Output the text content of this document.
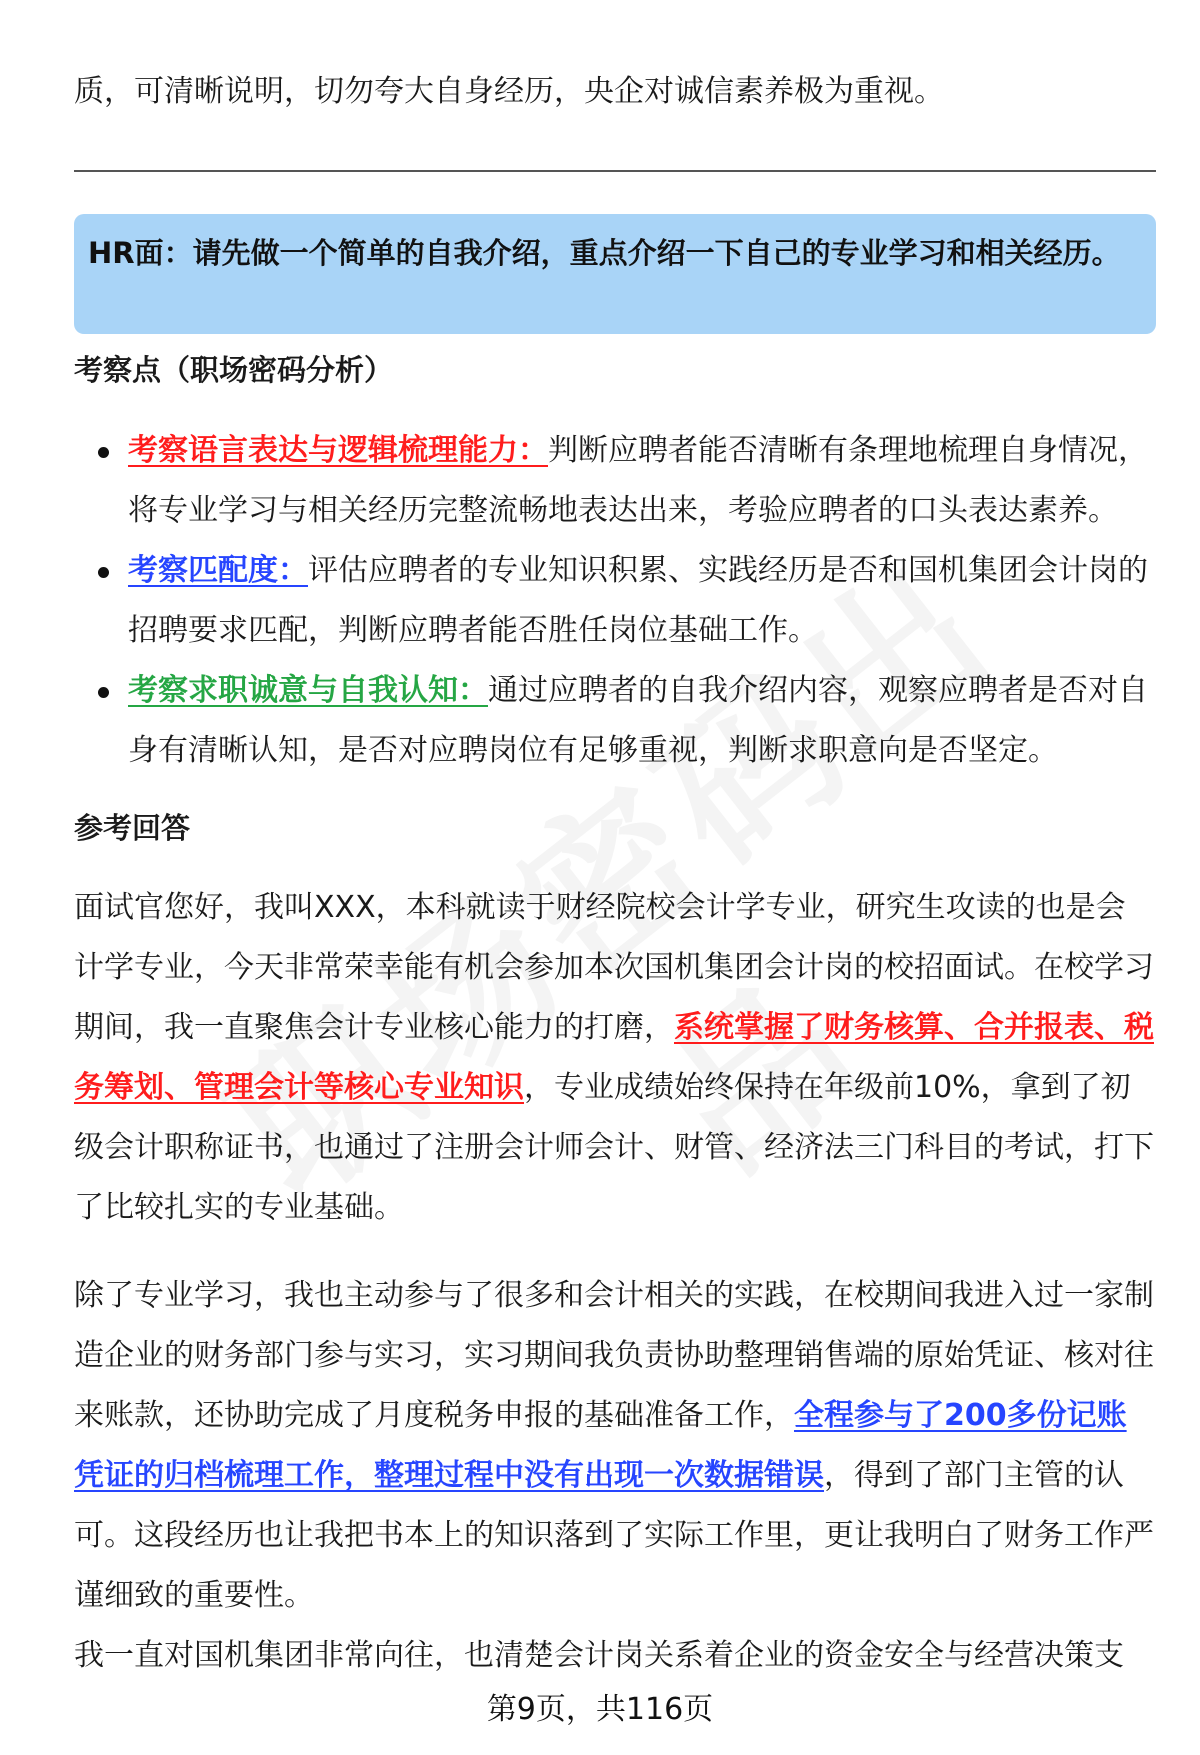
质，可清晰说明，切勿夸大自身经历，央企对诚信素养极为重视。

HR面：请先做一个简单的自我介绍，重点介绍一下自己的专业学习和相关经历。
考察点（职场密码分析）
考察语言表达与逻辑梳理能力：判断应聘者能否清晰有条理地梳理自身情况，将专业学习与相关经历完整流畅地表达出来，考验应聘者的口头表达素养。
考察匹配度：评估应聘者的专业知识积累、实践经历是否和国机集团会计岗的招聘要求匹配，判断应聘者能否胜任岗位基础工作。
考察求职诚意与自我认知：通过应聘者的自我介绍内容，观察应聘者是否对自身有清晰认知，是否对应聘岗位有足够重视，判断求职意向是否坚定。
参考回答

面试官您好，我叫XXX，本科就读于财经院校会计学专业，研究生攻读的也是会计学专业，今天非常荣幸能有机会参加本次国机集团会计岗的校招面试。在校学习期间，我一直聚焦会计专业核心能力的打磨，系统掌握了财务核算、合并报表、税务筹划、管理会计等核心专业知识，专业成绩始终保持在年级前10%，拿到了初级会计职称证书，也通过了注册会计师会计、财管、经济法三门科目的考试，打下了比较扎实的专业基础。

除了专业学习，我也主动参与了很多和会计相关的实践，在校期间我进入过一家制造企业的财务部门参与实习，实习期间我负责协助整理销售端的原始凭证、核对往来账款，还协助完成了月度税务申报的基础准备工作，全程参与了200多份记账凭证的归档梳理工作，整理过程中没有出现一次数据错误，得到了部门主管的认可。这段经历也让我把书本上的知识落到了实际工作里，更让我明白了财务工作严谨细致的重要性。

我一直对国机集团非常向往，也清楚会计岗关系着企业的资金安全与经营决策支

第9页，共116页
